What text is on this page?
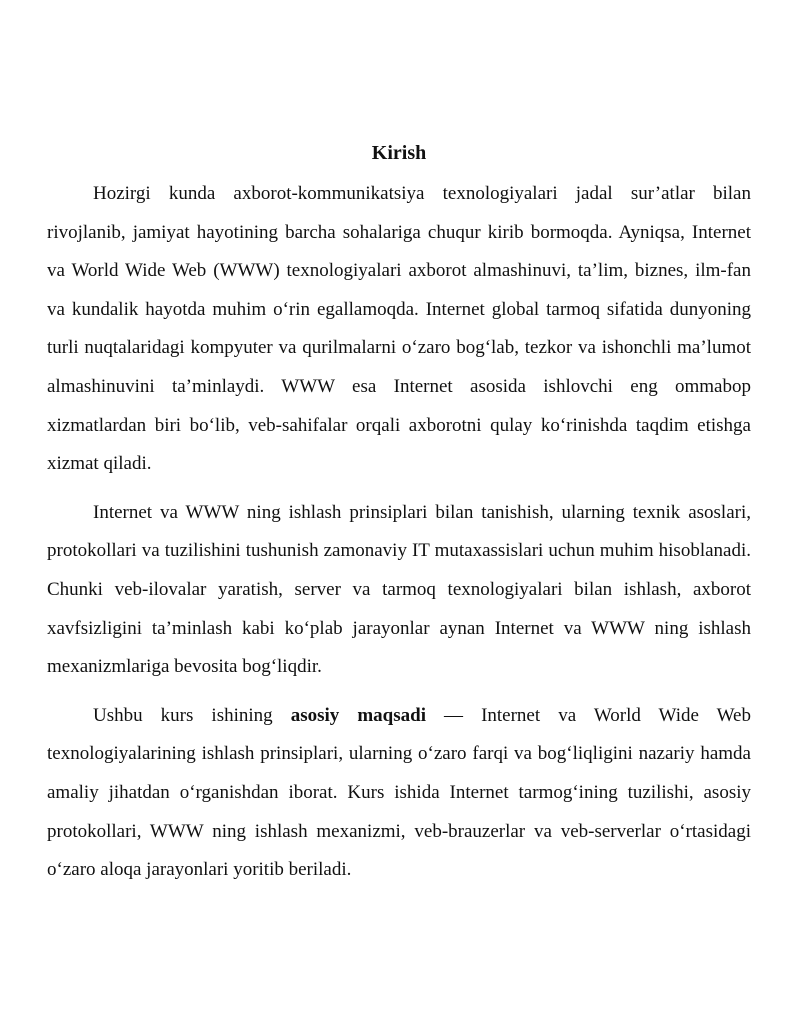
Kirish

Hozirgi kunda axborot-kommunikatsiya texnologiyalari jadal sur’atlar bilan rivojlanib, jamiyat hayotining barcha sohalariga chuqur kirib bormoqda. Ayniqsa, Internet va World Wide Web (WWW) texnologiyalari axborot almashinuvi, ta’lim, biznes, ilm-fan va kundalik hayotda muhim o‘rin egallamoqda. Internet global tarmoq sifatida dunyoning turli nuqtalaridagi kompyuter va qurilmalarni o‘zaro bog‘lab, tezkor va ishonchli ma’lumot almashinuvini ta’minlaydi. WWW esa Internet asosida ishlovchi eng ommabop xizmatlardan biri bo‘lib, veb-sahifalar orqali axborotni qulay ko‘rinishda taqdim etishga xizmat qiladi.

Internet va WWW ning ishlash prinsiplari bilan tanishish, ularning texnik asoslari, protokollari va tuzilishini tushunish zamonaviy IT mutaxassislari uchun muhim hisoblanadi. Chunki veb-ilovalar yaratish, server va tarmoq texnologiyalari bilan ishlash, axborot xavfsizligini ta’minlash kabi ko‘plab jarayonlar aynan Internet va WWW ning ishlash mexanizmlariga bevosita bog‘liqdir.

Ushbu kurs ishining asosiy maqsadi — Internet va World Wide Web texnologiyalarining ishlash prinsiplari, ularning o‘zaro farqi va bog‘liqligini nazariy hamda amaliy jihatdan o‘rganishdan iborat. Kurs ishida Internet tarmog‘ining tuzilishi, asosiy protokollari, WWW ning ishlash mexanizmi, veb-brauzerlar va veb-serverlar o‘rtasidagi o‘zaro aloqa jarayonlari yoritib beriladi.
